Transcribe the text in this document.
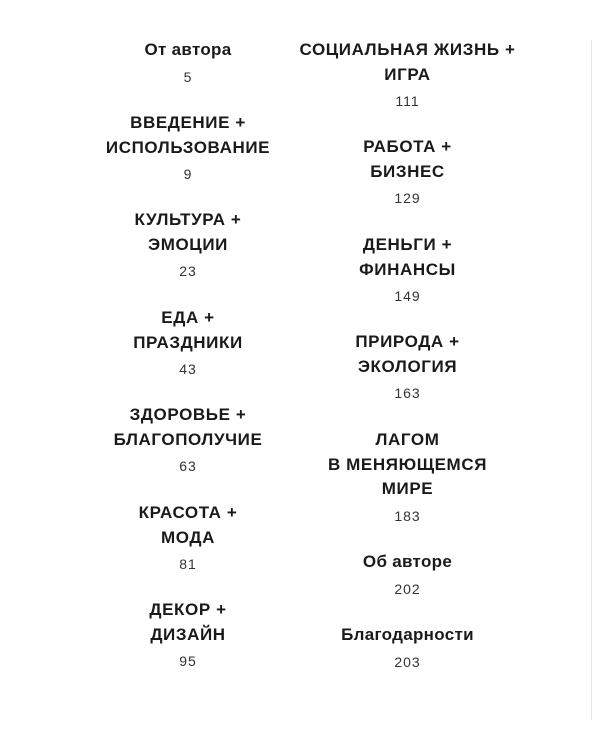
От автора
5
ВВЕДЕНИЕ +
ИСПОЛЬЗОВАНИЕ
9
КУЛЬТУРА +
ЭМОЦИИ
23
ЕДА +
ПРАЗДНИКИ
43
ЗДОРОВЬЕ +
БЛАГОПОЛУЧИЕ
63
КРАСОТА +
МОДА
81
ДЕКОР +
ДИЗАЙН
95
СОЦИАЛЬНАЯ ЖИЗНЬ +
ИГРА
111
РАБОТА +
БИЗНЕС
129
ДЕНЬГИ +
ФИНАНСЫ
149
ПРИРОДА +
ЭКОЛОГИЯ
163
ЛАГОМ
В МЕНЯЮЩЕМСЯ
МИРЕ
183
Об авторе
202
Благодарности
203
